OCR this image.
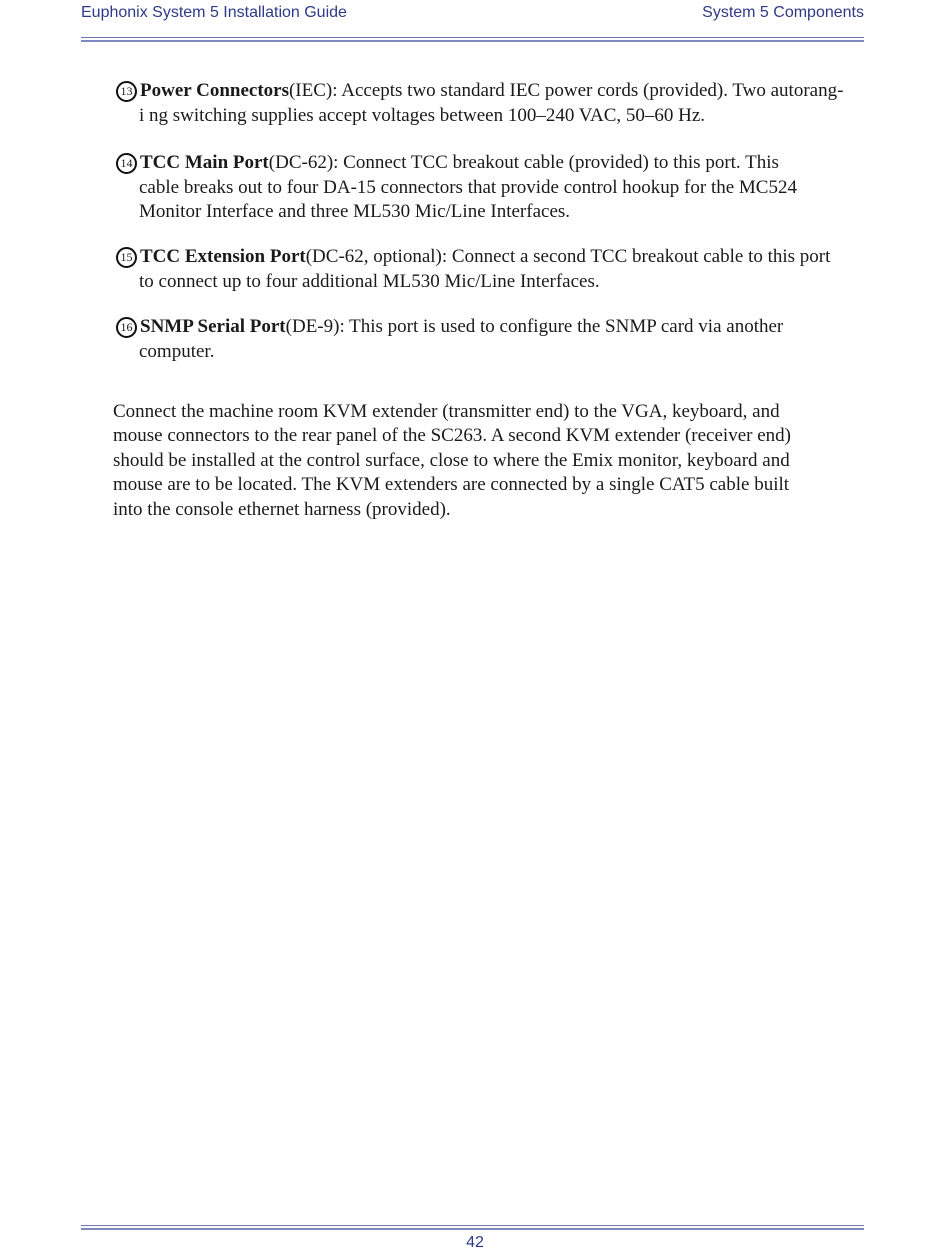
Euphonix System 5 Installation Guide	System 5 Components
13 Power Connectors (IEC): Accepts two standard IEC power cords (provided). Two autorang-
i ng switching supplies accept voltages between 100–240 VAC, 50–60 Hz.
14 TCC Main Port (DC-62): Connect TCC breakout cable (provided) to this port. This
cable breaks out to four DA-15 connectors that provide control hookup for the MC524
Monitor Interface and three ML530 Mic/Line Interfaces.
15 TCC Extension Port (DC-62, optional): Connect a second TCC breakout cable to this port
to connect up to four additional ML530 Mic/Line Interfaces.
16 SNMP Serial Port (DE-9): This port is used to configure the SNMP card via another
computer.
Connect the machine room KVM extender (transmitter end) to the VGA, keyboard, and
mouse connectors to the rear panel of the SC263. A second KVM extender (receiver end)
should be installed at the control surface, close to where the Emix monitor, keyboard and
mouse are to be located. The KVM extenders are connected by a single CAT5 cable built
into the console ethernet harness (provided).
42
